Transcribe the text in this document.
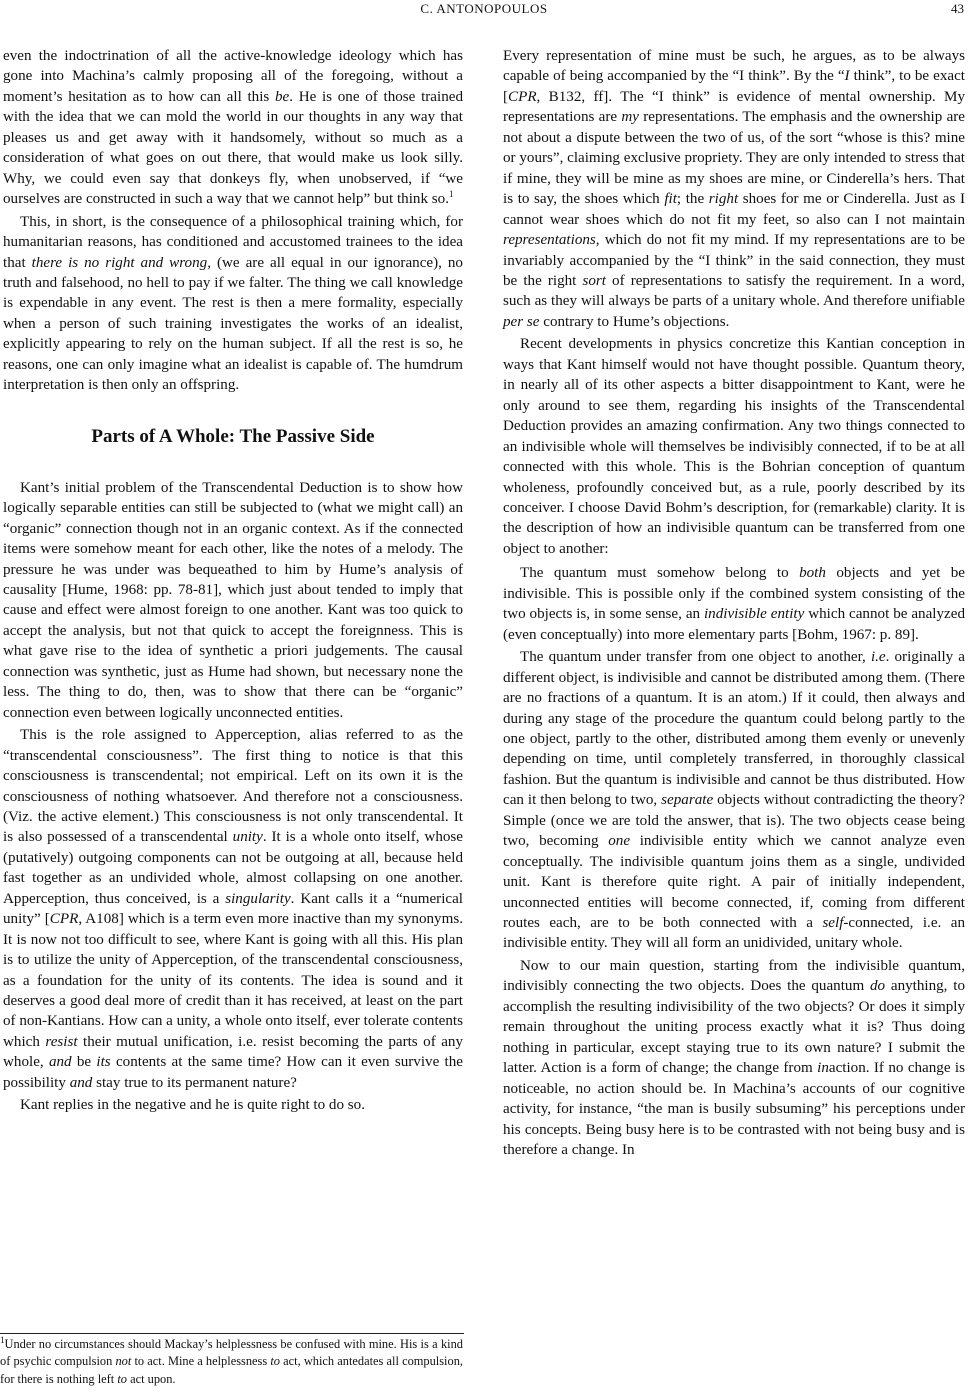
C. ANTONOPOULOS	43

even the indoctrination of all the active-knowledge ideology which has gone into Machina’s calmly proposing all of the foregoing, without a moment’s hesitation as to how can all this be. He is one of those trained with the idea that we can mold the world in our thoughts in any way that pleases us and get away with it handsomely, without so much as a consideration of what goes on out there, that would make us look silly. Why, we could even say that donkeys fly, when unobserved, if “we ourselves are constructed in such a way that we cannot help” but think so.$^1$

This, in short, is the consequence of a philosophical training which, for humanitarian reasons, has conditioned and accustomed trainees to the idea that there is no right and wrong, (we are all equal in our ignorance), no truth and falsehood, no hell to pay if we falter. The thing we call knowledge is expendable in any event. The rest is then a mere formality, especially when a person of such training investigates the works of an idealist, explicitly appearing to rely on the human subject. If all the rest is so, he reasons, one can only imagine what an idealist is capable of. The humdrum interpretation is then only an offspring.

Parts of A Whole: The Passive Side

Kant’s initial problem of the Transcendental Deduction is to show how logically separable entities can still be subjected to (what we might call) an “organic” connection though not in an organic context. As if the connected items were somehow meant for each other, like the notes of a melody. The pressure he was under was bequeathed to him by Hume’s analysis of causality [Hume, 1968: pp. 78-81], which just about tended to imply that cause and effect were almost foreign to one another. Kant was too quick to accept the analysis, but not that quick to accept the foreignness. This is what gave rise to the idea of synthetic a priori judgements. The causal connection was synthetic, just as Hume had shown, but necessary none the less. The thing to do, then, was to show that there can be “organic” connection even between logically unconnected entities.

This is the role assigned to Apperception, alias referred to as the “transcendental consciousness”. The first thing to notice is that this consciousness is transcendental; not empirical. Left on its own it is the consciousness of nothing whatsoever. And therefore not a consciousness. (Viz. the active element.) This consciousness is not only transcendental. It is also possessed of a transcendental unity. It is a whole onto itself, whose (putatively) outgoing components can not be outgoing at all, because held fast together as an undivided whole, almost collapsing on one another. Apperception, thus conceived, is a singularity. Kant calls it a “numerical unity” [CPR, A108] which is a term even more inactive than my synonyms. It is now not too difficult to see, where Kant is going with all this. His plan is to utilize the unity of Apperception, of the transcendental consciousness, as a foundation for the unity of its contents. The idea is sound and it deserves a good deal more of credit than it has received, at least on the part of non-Kantians. How can a unity, a whole onto itself, ever tolerate contents which resist their mutual unification, i.e. resist becoming the parts of any whole, and be its contents at the same time? How can it even survive the possibility and stay true to its permanent nature?

Kant replies in the negative and he is quite right to do so.

$^1$Under no circumstances should Mackay’s helplessness be confused with mine. His is a kind of psychic compulsion not to act. Mine a helplessness to act, which antedates all compulsion, for there is nothing left to act upon.

Every representation of mine must be such, he argues, as to be always capable of being accompanied by the “I think”. By the “I think”, to be exact [CPR, B132, ff]. The “I think” is evidence of mental ownership. My representations are my representations. The emphasis and the ownership are not about a dispute between the two of us, of the sort “whose is this? mine or yours”, claiming exclusive propriety. They are only intended to stress that if mine, they will be mine as my shoes are mine, or Cinderella’s hers. That is to say, the shoes which fit; the right shoes for me or Cinderella. Just as I cannot wear shoes which do not fit my feet, so also can I not maintain representations, which do not fit my mind. If my representations are to be invariably accompanied by the “I think” in the said connection, they must be the right sort of representations to satisfy the requirement. In a word, such as they will always be parts of a unitary whole. And therefore unifiable per se contrary to Hume’s objections.

Recent developments in physics concretize this Kantian conception in ways that Kant himself would not have thought possible. Quantum theory, in nearly all of its other aspects a bitter disappointment to Kant, were he only around to see them, regarding his insights of the Transcendental Deduction provides an amazing confirmation. Any two things connected to an indivisible whole will themselves be indivisibly connected, if to be at all connected with this whole. This is the Bohrian conception of quantum wholeness, profoundly conceived but, as a rule, poorly described by its conceiver. I choose David Bohm’s description, for (remarkable) clarity. It is the description of how an indivisible quantum can be transferred from one object to another:

The quantum must somehow belong to both objects and yet be indivisible. This is possible only if the combined system consisting of the two objects is, in some sense, an indivisible entity which cannot be analyzed (even conceptually) into more elementary parts [Bohm, 1967: p. 89].

The quantum under transfer from one object to another, i.e. originally a different object, is indivisible and cannot be distributed among them. (There are no fractions of a quantum. It is an atom.) If it could, then always and during any stage of the procedure the quantum could belong partly to the one object, partly to the other, distributed among them evenly or unevenly depending on time, until completely transferred, in thoroughly classical fashion. But the quantum is indivisible and cannot be thus distributed. How can it then belong to two, separate objects without contradicting the theory? Simple (once we are told the answer, that is). The two objects cease being two, becoming one indivisible entity which we cannot analyze even conceptually. The indivisible quantum joins them as a single, undivided unit. Kant is therefore quite right. A pair of initially independent, unconnected entities will become connected, if, coming from different routes each, are to be both connected with a self-connected, i.e. an indivisible entity. They will all form an unidivided, unitary whole.

Now to our main question, starting from the indivisible quantum, indivisibly connecting the two objects. Does the quantum do anything, to accomplish the resulting indivisibility of the two objects? Or does it simply remain throughout the uniting process exactly what it is? Thus doing nothing in particular, except staying true to its own nature? I submit the latter. Action is a form of change; the change from inaction. If no change is noticeable, no action should be. In Machina’s accounts of our cognitive activity, for instance, “the man is busily subsuming” his perceptions under his concepts. Being busy here is to be contrasted with not being busy and is therefore a change. In
